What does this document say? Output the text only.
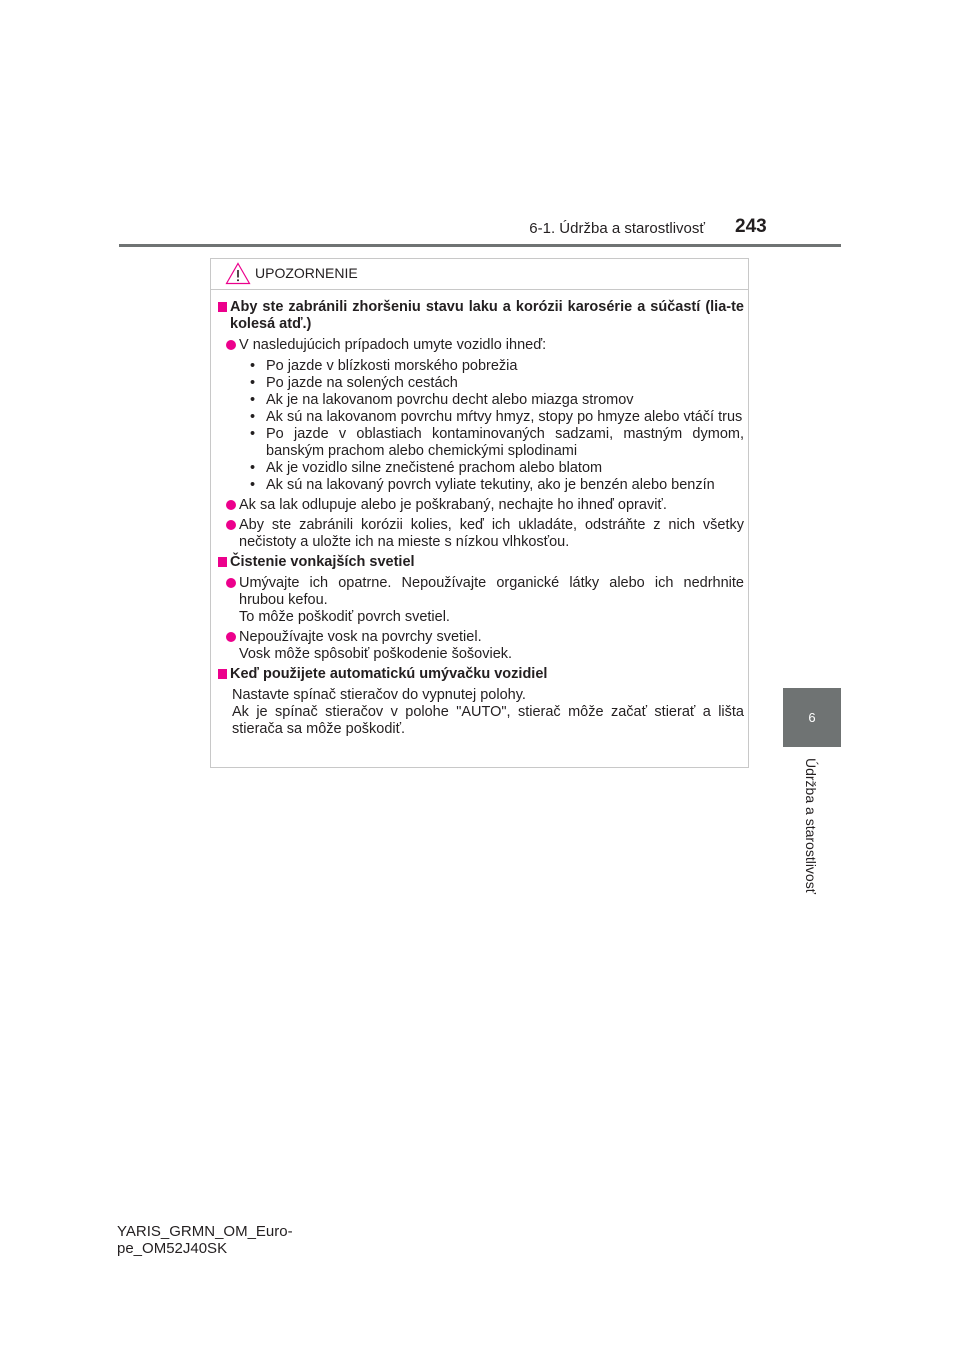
6-1. Údržba a starostlivosť 243
6
Údržba a starostlivosť
UPOZORNENIE
Aby ste zabránili zhoršeniu stavu laku a korózii karosérie a súčastí (lia-te kolesá atď.)
V nasledujúcich prípadoch umyte vozidlo ihneď:
• Po jazde v blízkosti morského pobrežia
• Po jazde na solených cestách
• Ak je na lakovanom povrchu decht alebo miazga stromov
• Ak sú na lakovanom povrchu mŕtvy hmyz, stopy po hmyze alebo vtáčí trus
• Po jazde v oblastiach kontaminovaných sadzami, mastným dymom, banským prachom alebo chemickými splodinami
• Ak je vozidlo silne znečistené prachom alebo blatom
• Ak sú na lakovaný povrch vyliate tekutiny, ako je benzén alebo benzín
Ak sa lak odlupuje alebo je poškrabaný, nechajte ho ihneď opraviť.
Aby ste zabránili korózii kolies, keď ich ukladáte, odstráňte z nich všetky nečistoty a uložte ich na mieste s nízkou vlhkosťou.
Čistenie vonkajších svetiel
Umývajte ich opatrne. Nepoužívajte organické látky alebo ich nedrhnite hrubou kefou.
To môže poškodiť povrch svetiel.
Nepoužívajte vosk na povrchy svetiel.
Vosk môže spôsobiť poškodenie šošoviek.
Keď použijete automatickú umývačku vozidiel
Nastavte spínač stieračov do vypnutej polohy.
Ak je spínač stieračov v polohe "AUTO", stierač môže začať stierať a lišta stierača sa môže poškodiť.
YARIS_GRMN_OM_Euro-
pe_OM52J40SK
